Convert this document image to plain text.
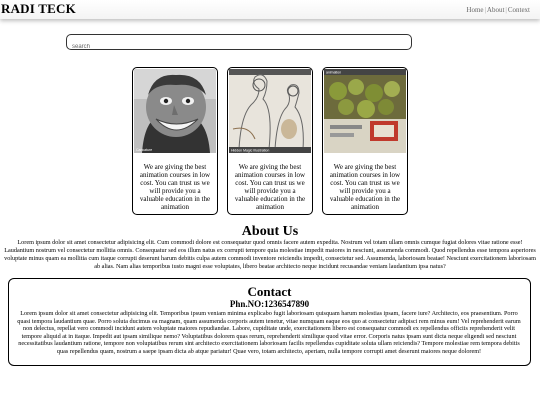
RADI TECK	Home|About|Context
search
Caricature
We are giving the best animation courses in low cost. You can trust us we will provide you a valuable education in the animation
Hidden Magic Illustration
We are giving the best animation courses in low cost. You can trust us we will provide you a valuable education in the animation
animation
We are giving the best animation courses in low cost. You can trust us we will provide you a valuable education in the animation
About Us
Lorem ipsum dolor sit amet consectetur adipisicing elit. Cum commodi dolore est consequatur quod omnis facere autem expedita. Nostrum vel totam ullam omnis cumque fugiat dolores vitae ratione esse! Laudantium nostrum vel consectetur mollitia omnis. Consequatur sed eos illum natus ex corrupti tempore quia molestiae impedit maiores in nesciunt, assumenda commodi. Quod repellendus esse tempora asperiores voluptate minus quam ea mollitia cum itaque corrupti deserunt harum debitis culpa autem commodi inventore reiciendis impedit, consectetur sed. Assumenda, laboriosam beatae! Nesciunt exercitationem laboriosam ab alias. Nam alias temporibus iusto magni esse voluptates, libero beatae architecto neque incidunt recusandae veniam laudantium ipsa natus?
Contact
Phn.NO:1236547890
Lorem ipsum dolor sit amet consectetur adipisicing elit. Temporibus ipsum veniam minima explicabo fugit laboriosam quisquam harum molestias ipsam, facere iure? Architecto, eos praesentium. Porro quasi tempora laudantium quae. Porro soluta ducimus ea magnam, quam assumenda corporis autem tenetur, vitae numquam eaque eos quo at consectetur adipisci rem minus eum! Vel reprehenderit earum non delectus, repellat vero commodi incidunt autem voluptate maiores repudiandae. Labore, cupiditate unde, exercitationem libero est consequatur commodi ex repellendus officiis reprehenderit velit tempore aliquid at in itaque. Impedit aut ipsam similique nemo? Voluptatibus dolorem quas rerum, reprehenderit similique quod vitae error. Corporis natus ipsam sunt dicta neque eligendi sed nesciunt necessitatibus laudantium ratione, tempore non voluptatibus rerum sint architecto exercitationem laboriosam facilis repellendus cupiditate soluta ullam reiciendis? Tempore molestiae rem tempora debitis quas repellendus quam, nostrum a saepe ipsam dicta ab atque pariatur! Quae vero, totam architecto, aperiam, nulla tempore corrupti amet deserunt maiores neque dolorem!
